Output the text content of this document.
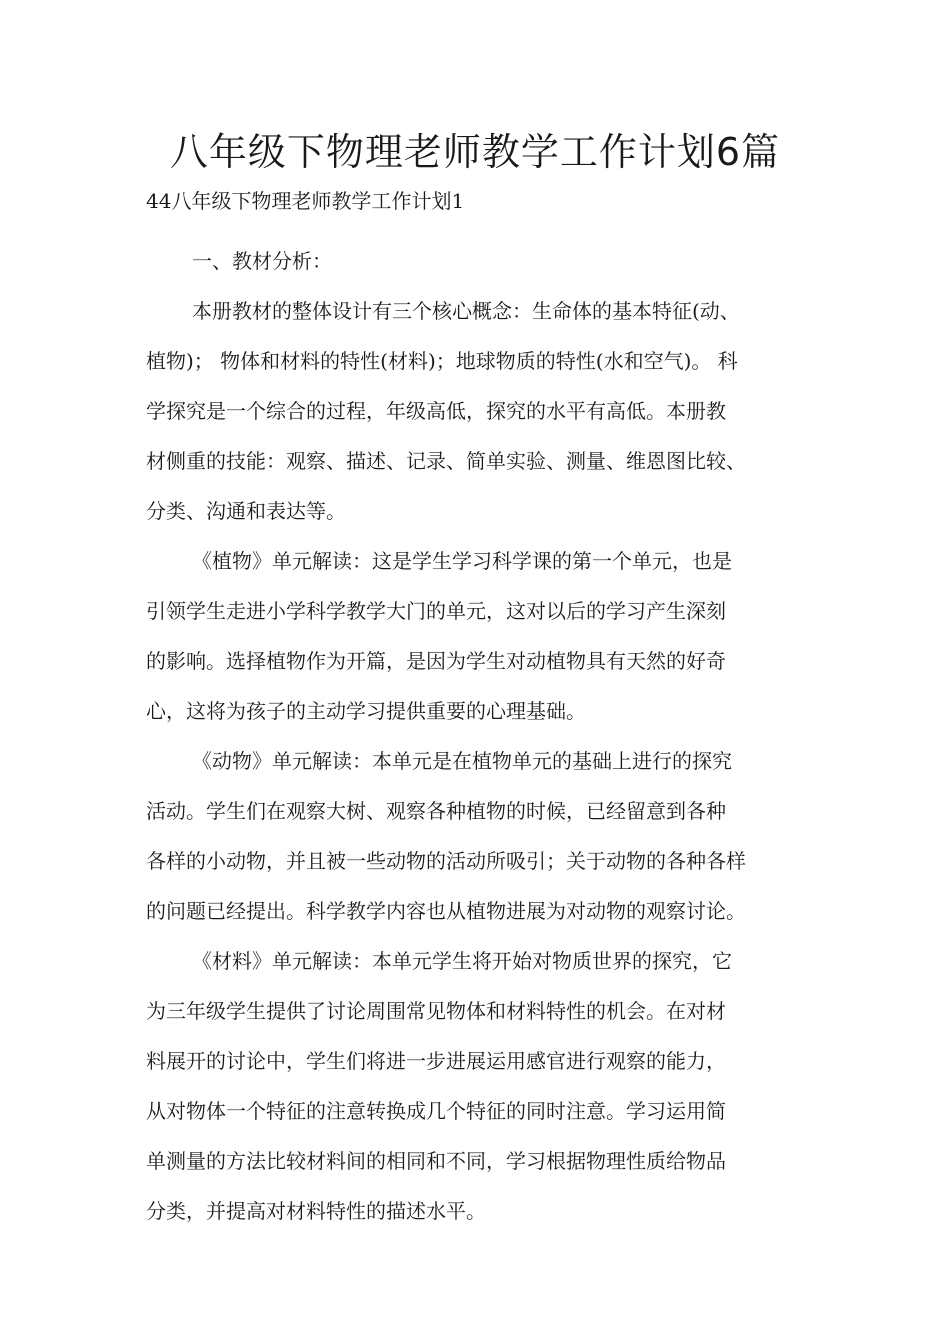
八年级下物理老师教学工作计划6篇
44八年级下物理老师教学工作计划1
一、教材分析：
本册教材的整体设计有三个核心概念：生命体的基本特征(动、
植物)； 物体和材料的特性(材料)；地球物质的特性(水和空气)。 科
学探究是一个综合的过程，年级高低，探究的水平有高低。本册教
材侧重的技能：观察、描述、记录、简单实验、测量、维恩图比较、
分类、沟通和表达等。
《植物》单元解读：这是学生学习科学课的第一个单元，也是
引领学生走进小学科学教学大门的单元，这对以后的学习产生深刻
的影响。选择植物作为开篇，是因为学生对动植物具有天然的好奇
心，这将为孩子的主动学习提供重要的心理基础。
《动物》单元解读：本单元是在植物单元的基础上进行的探究
活动。学生们在观察大树、观察各种植物的时候，已经留意到各种
各样的小动物，并且被一些动物的活动所吸引；关于动物的各种各样
的问题已经提出。科学教学内容也从植物进展为对动物的观察讨论。
《材料》单元解读：本单元学生将开始对物质世界的探究，它
为三年级学生提供了讨论周围常见物体和材料特性的机会。在对材
料展开的讨论中，学生们将进一步进展运用感官进行观察的能力，
从对物体一个特征的注意转换成几个特征的同时注意。学习运用简
单测量的方法比较材料间的相同和不同，学习根据物理性质给物品
分类，并提高对材料特性的描述水平。
